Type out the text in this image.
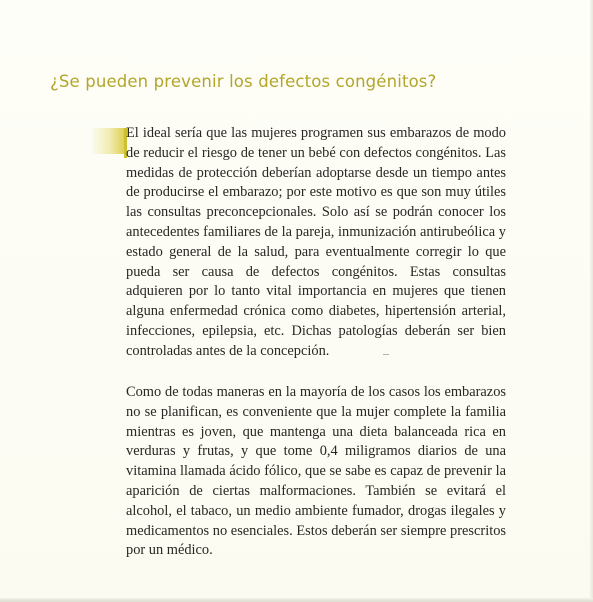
¿Se pueden prevenir los defectos congénitos?

El ideal sería que las mujeres programen sus embarazos de modo de reducir el riesgo de tener un bebé con defectos congénitos. Las medidas de protección deberían adoptarse desde un tiempo antes de producirse el embarazo; por este motivo es que son muy útiles las consultas preconcepcionales. Solo así se podrán conocer los antecedentes familiares de la pareja, inmunización antirubeólica y estado general de la salud, para eventualmente corregir lo que pueda ser causa de defectos congénitos. Estas consultas adquieren por lo tanto vital importancia en mujeres que tienen alguna enfermedad crónica como diabetes, hipertensión arterial, infecciones, epilepsia, etc. Dichas patologías deberán ser bien controladas antes de la concepción.

Como de todas maneras en la mayoría de los casos los embarazos no se planifican, es conveniente que la mujer complete la familia mientras es joven, que mantenga una dieta balanceada rica en verduras y frutas, y que tome 0,4 miligramos diarios de una vitamina llamada ácido fólico, que se sabe es capaz de prevenir la aparición de ciertas malformaciones. También se evitará el alcohol, el tabaco, un medio ambiente fumador, drogas ilegales y medicamentos no esenciales. Estos deberán ser siempre prescritos por un médico.
